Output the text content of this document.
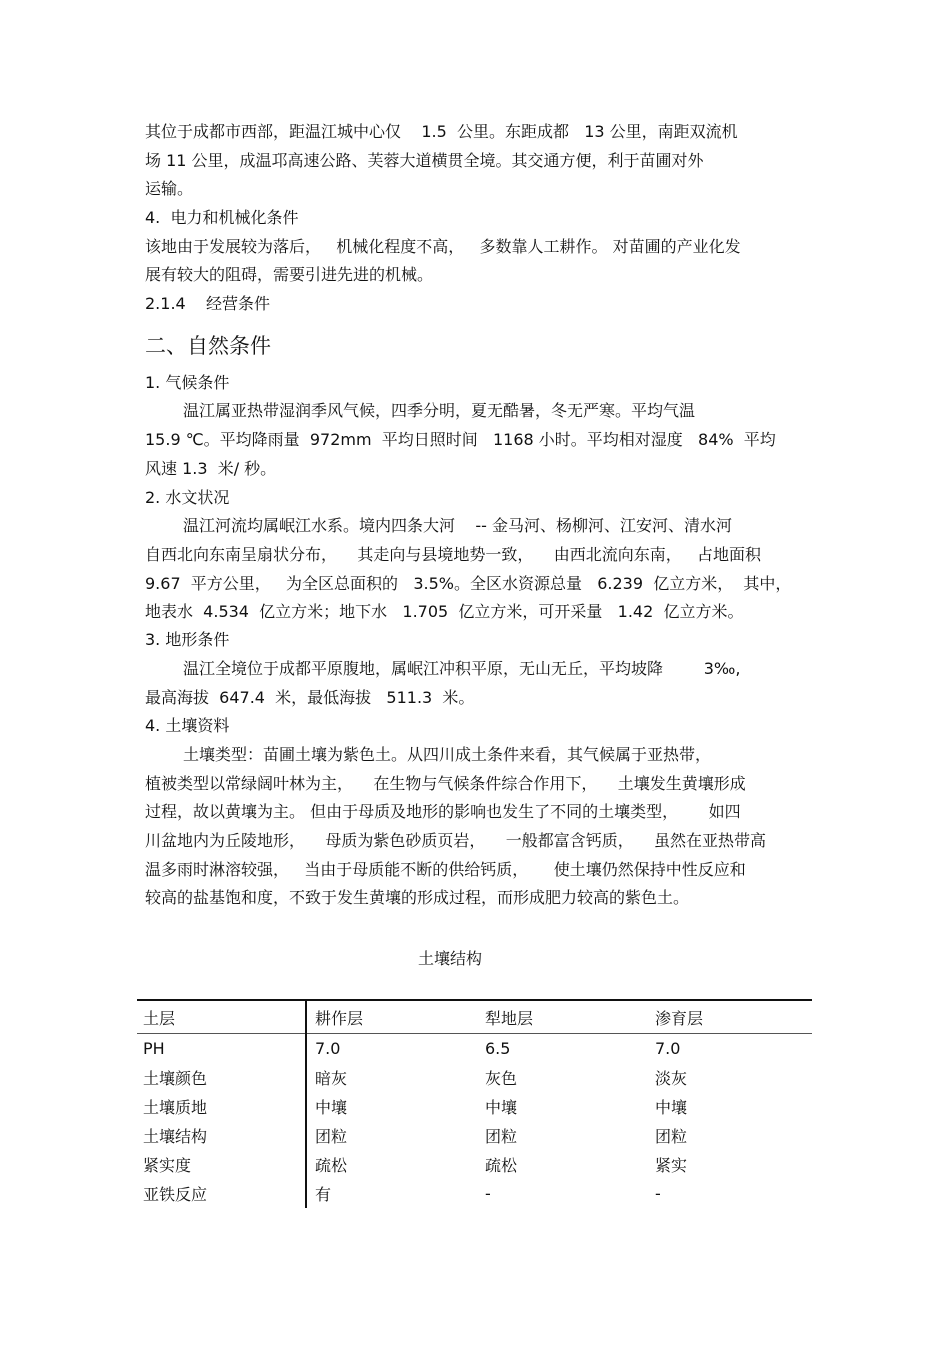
其位于成都市西部，距温江城中心仅    1.5  公里。东距成都   13 公里，南距双流机
场 11 公里，成温邛高速公路、芙蓉大道横贯全境。其交通方便，利于苗圃对外
运输。
4.  电力和机械化条件
该地由于发展较为落后，   机械化程度不高，   多数靠人工耕作。 对苗圃的产业化发
展有较大的阻碍，需要引进先进的机械。
2.1.4    经营条件
二、自然条件
1. 气候条件
温江属亚热带湿润季风气候，四季分明，夏无酷暑，冬无严寒。平均气温
15.9 ℃。平均降雨量  972mm  平均日照时间   1168 小时。平均相对湿度   84%  平均
风速 1.3  米/ 秒。
2. 水文状况
温江河流均属岷江水系。境内四条大河    -- 金马河、杨柳河、江安河、清水河
自西北向东南呈扇状分布，    其走向与县境地势一致，    由西北流向东南，   占地面积
9.67  平方公里，   为全区总面积的   3.5%。全区水资源总量   6.239  亿立方米，  其中，
地表水  4.534  亿立方米；地下水   1.705  亿立方米，可开采量   1.42  亿立方米。
3. 地形条件
温江全境位于成都平原腹地，属岷江冲积平原，无山无丘，平均坡降        3‰,
最高海拔  647.4  米，最低海拔   511.3  米。
4. 土壤资料
土壤类型：苗圃土壤为紫色土。从四川成土条件来看，其气候属于亚热带，
植被类型以常绿阔叶林为主，    在生物与气候条件综合作用下，    土壤发生黄壤形成
过程，故以黄壤为主。 但由于母质及地形的影响也发生了不同的土壤类型，      如四
川盆地内为丘陵地形，    母质为紫色砂质页岩，    一般都富含钙质，    虽然在亚热带高
温多雨时淋溶较强，   当由于母质能不断的供给钙质，     使土壤仍然保持中性反应和
较高的盐基饱和度，不致于发生黄壤的形成过程，而形成肥力较高的紫色土。
土壤结构
土层	耕作层	犁地层	渗育层
PH	7.0	6.5	7.0
土壤颜色	暗灰	灰色	淡灰
土壤质地	中壤	中壤	中壤
土壤结构	团粒	团粒	团粒
紧实度	疏松	疏松	紧实
亚铁反应	有	-	-
